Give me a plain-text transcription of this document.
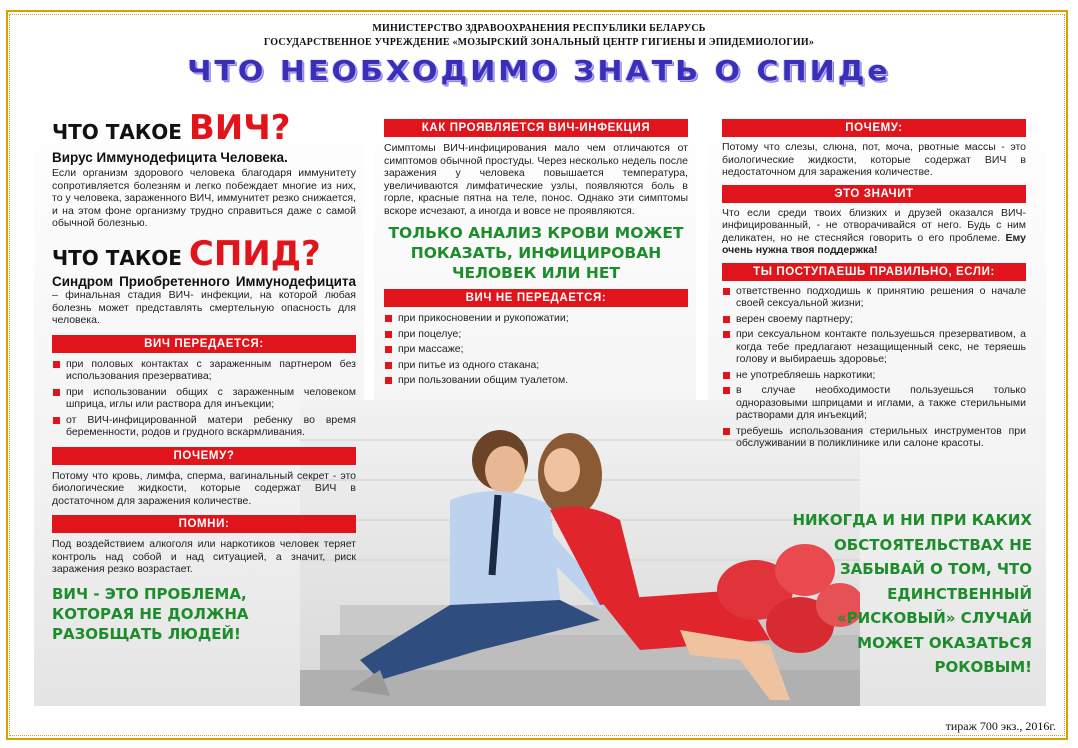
МИНИСТЕРСТВО ЗДРАВООХРАНЕНИЯ РЕСПУБЛИКИ БЕЛАРУСЬ
ГОСУДАРСТВЕННОЕ УЧРЕЖДЕНИЕ «МОЗЫРСКИЙ ЗОНАЛЬНЫЙ ЦЕНТР ГИГИЕНЫ И ЭПИДЕМИОЛОГИИ»
ЧТО НЕОБХОДИМО ЗНАТЬ О СПИДе
ЧТО ТАКОЕ ВИЧ?
Вирус Иммунодефицита Человека.

Если организм здорового человека благодаря иммунитету сопротивляется болезням и легко побеждает многие из них, то у человека, зараженного ВИЧ, иммунитет резко снижается, и на этом фоне организму трудно справиться даже с самой обычной болезнью.

ЧТО ТАКОЕ СПИД?

Синдром Приобретенного Иммунодефицита – финальная стадия ВИЧ- инфекции, на которой любая болезнь может представлять смертельную опасность для человека.

ВИЧ ПЕРЕДАЕТСЯ:
при половых контактах с зараженным партнером без использования презерватива;
при использовании общих с зараженным человеком шприца, иглы или раствора для инъекции;
от ВИЧ-инфицированной матери ребенку во время беременности, родов и грудного вскармливания.
ПОЧЕМУ?

Потому что кровь, лимфа, сперма, вагинальный секрет - это биологические жидкости, которые содержат ВИЧ в достаточном для заражения количестве.

ПОМНИ:

Под воздействием алкоголя или наркотиков человек теряет контроль над собой и над ситуацией, а значит, риск заражения резко возрастает.

ВИЧ - ЭТО ПРОБЛЕМА, КОТОРАЯ НЕ ДОЛЖНА РАЗОБЩАТЬ ЛЮДЕЙ!
КАК ПРОЯВЛЯЕТСЯ ВИЧ-ИНФЕКЦИЯ

Симптомы ВИЧ-инфицирования мало чем отличаются от симптомов обычной простуды. Через несколько недель после заражения у человека повышается температура, увеличиваются лимфатические узлы, появляются боль в горле, красные пятна на теле, понос. Однако эти симптомы вскоре исчезают, а иногда и вовсе не проявляются.

ТОЛЬКО АНАЛИЗ КРОВИ МОЖЕТ ПОКАЗАТЬ, ИНФИЦИРОВАН ЧЕЛОВЕК ИЛИ НЕТ
ВИЧ НЕ ПЕРЕДАЕТСЯ:
при прикосновении и рукопожатии;
при поцелуе;
при массаже;
при питье из одного стакана;
при пользовании общим туалетом.
ПОЧЕМУ:

Потому что слезы, слюна, пот, моча, рвотные массы - это биологические жидкости, которые содержат ВИЧ в недостаточном для заражения количестве.

ЭТО ЗНАЧИТ

Что если среди твоих близких и друзей оказался ВИЧ-инфицированный, - не отворачивайся от него. Будь с ним деликатен, но не стесняйся говорить о его проблеме. Ему очень нужна твоя поддержка!

ТЫ ПОСТУПАЕШЬ ПРАВИЛЬНО, ЕСЛИ:
ответственно подходишь к принятию решения о начале своей сексуальной жизни;
верен своему партнеру;
при сексуальном контакте пользуешься презервативом, а когда тебе предлагают незащищенный секс, не теряешь голову и выбираешь здоровье;
не употребляешь наркотики;
в случае необходимости пользуешься только одноразовыми шприцами и иглами, а также стерильными растворами для инъекций;
требуешь использования стерильных инструментов при обслуживании в поликлинике или салоне красоты.
НИКОГДА И НИ ПРИ КАКИХ ОБСТОЯТЕЛЬСТВАХ НЕ ЗАБЫВАЙ О ТОМ, ЧТО ЕДИНСТВЕННЫЙ «РИСКОВЫЙ» СЛУЧАЙ МОЖЕТ ОКАЗАТЬСЯ РОКОВЫМ!
тираж 700 экз., 2016г.
